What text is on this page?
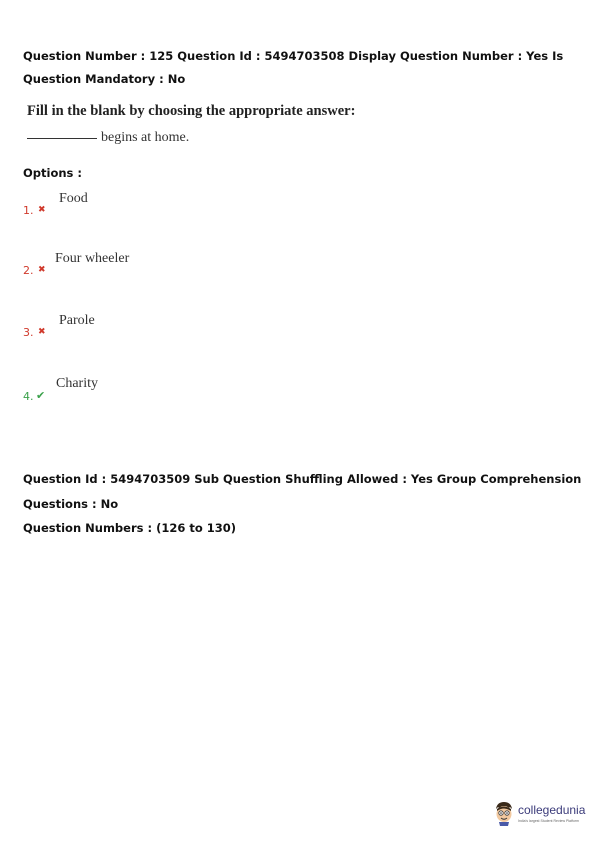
Question Number : 125 Question Id : 5494703508 Display Question Number : Yes Is Question Mandatory : No
Fill in the blank by choosing the appropriate answer:
begins at home.
Options :
1. ✖
Food
2. ✖
Four wheeler
3. ✖
Parole
4. ✔
Charity
Question Id : 5494703509 Sub Question Shuffling Allowed : Yes Group Comprehension
Questions : No
Question Numbers : (126 to 130)
collegedunia
India's largest Student Review Platform
